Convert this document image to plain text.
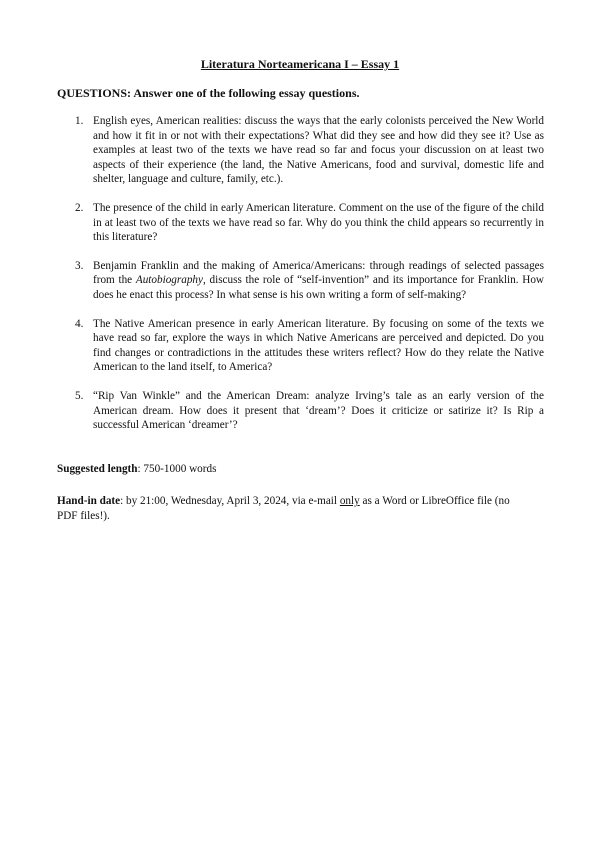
Literatura Norteamericana I – Essay 1
QUESTIONS: Answer one of the following essay questions.
1. English eyes, American realities: discuss the ways that the early colonists perceived the New World and how it fit in or not with their expectations? What did they see and how did they see it? Use as examples at least two of the texts we have read so far and focus your discussion on at least two aspects of their experience (the land, the Native Americans, food and survival, domestic life and shelter, language and culture, family, etc.).
2. The presence of the child in early American literature. Comment on the use of the figure of the child in at least two of the texts we have read so far. Why do you think the child appears so recurrently in this literature?
3. Benjamin Franklin and the making of America/Americans: through readings of selected passages from the Autobiography, discuss the role of “self-invention” and its importance for Franklin. How does he enact this process? In what sense is his own writing a form of self-making?
4. The Native American presence in early American literature. By focusing on some of the texts we have read so far, explore the ways in which Native Americans are perceived and depicted. Do you find changes or contradictions in the attitudes these writers reflect? How do they relate the Native American to the land itself, to America?
5. “Rip Van Winkle” and the American Dream: analyze Irving’s tale as an early version of the American dream. How does it present that ‘dream’? Does it criticize or satirize it? Is Rip a successful American ‘dreamer’?
Suggested length: 750-1000 words
Hand-in date: by 21:00, Wednesday, April 3, 2024, via e-mail only as a Word or LibreOffice file (no PDF files!).
